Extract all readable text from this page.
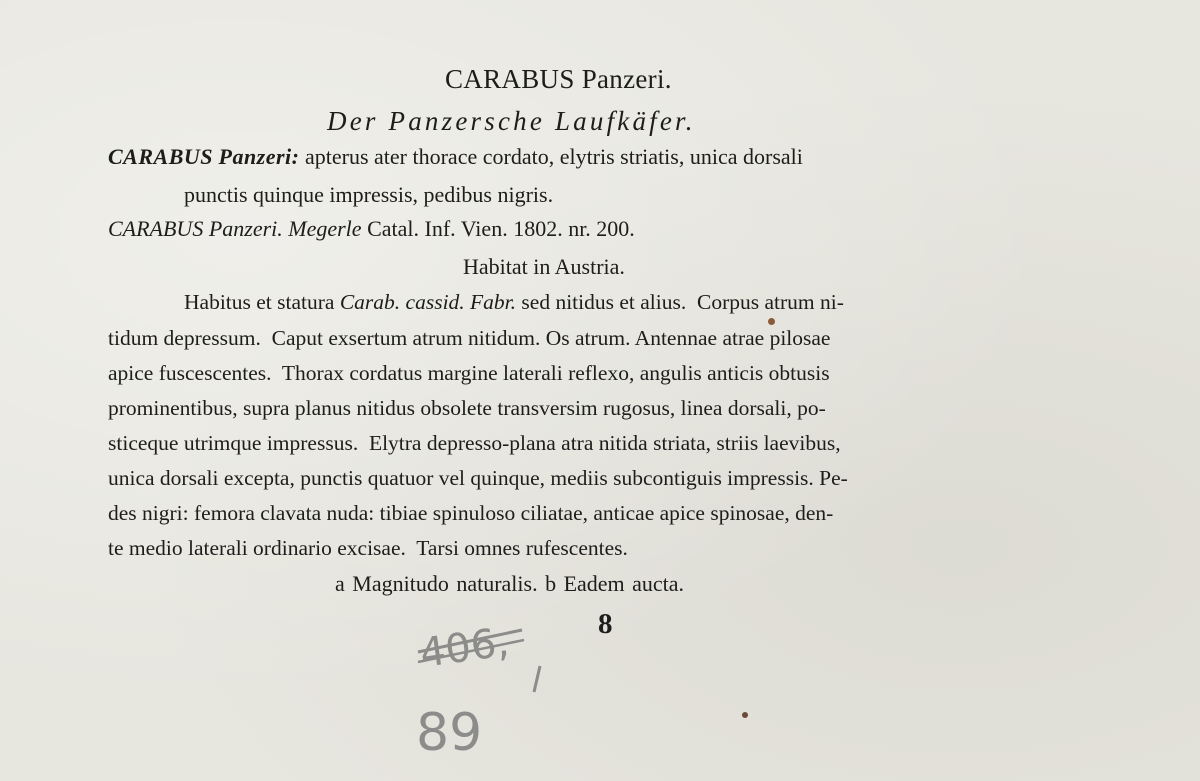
CARABUS Panzeri.
Der Panzersche Laufkäfer.
CARABUS Panzeri: apterus ater thorace cordato, elytris striatis, unica dorsali
punctis quinque impressis, pedibus nigris.
CARABUS Panzeri. Megerle Catal. Inf. Vien. 1802. nr. 200.
Habitat in Austria.
Habitus et statura Carab. cassid. Fabr. sed nitidus et alius.  Corpus atrum ni-
tidum depressum.  Caput exsertum atrum nitidum. Os atrum. Antennae atrae pilosae
apice fuscescentes.  Thorax cordatus margine laterali reflexo, angulis anticis obtusis
prominentibus, supra planus nitidus obsolete transversim rugosus, linea dorsali, po-
sticeque utrimque impressus.  Elytra depresso-plana atra nitida striata, striis laevibus,
unica dorsali excepta, punctis quatuor vel quinque, mediis subcontiguis impressis. Pe-
des nigri: femora clavata nuda: tibiae spinuloso ciliatae, anticae apice spinosae, den-
te medio laterali ordinario excisae.  Tarsi omnes rufescentes.
a Magnitudo naturalis. b Eadem aucta.
8
406,
89
